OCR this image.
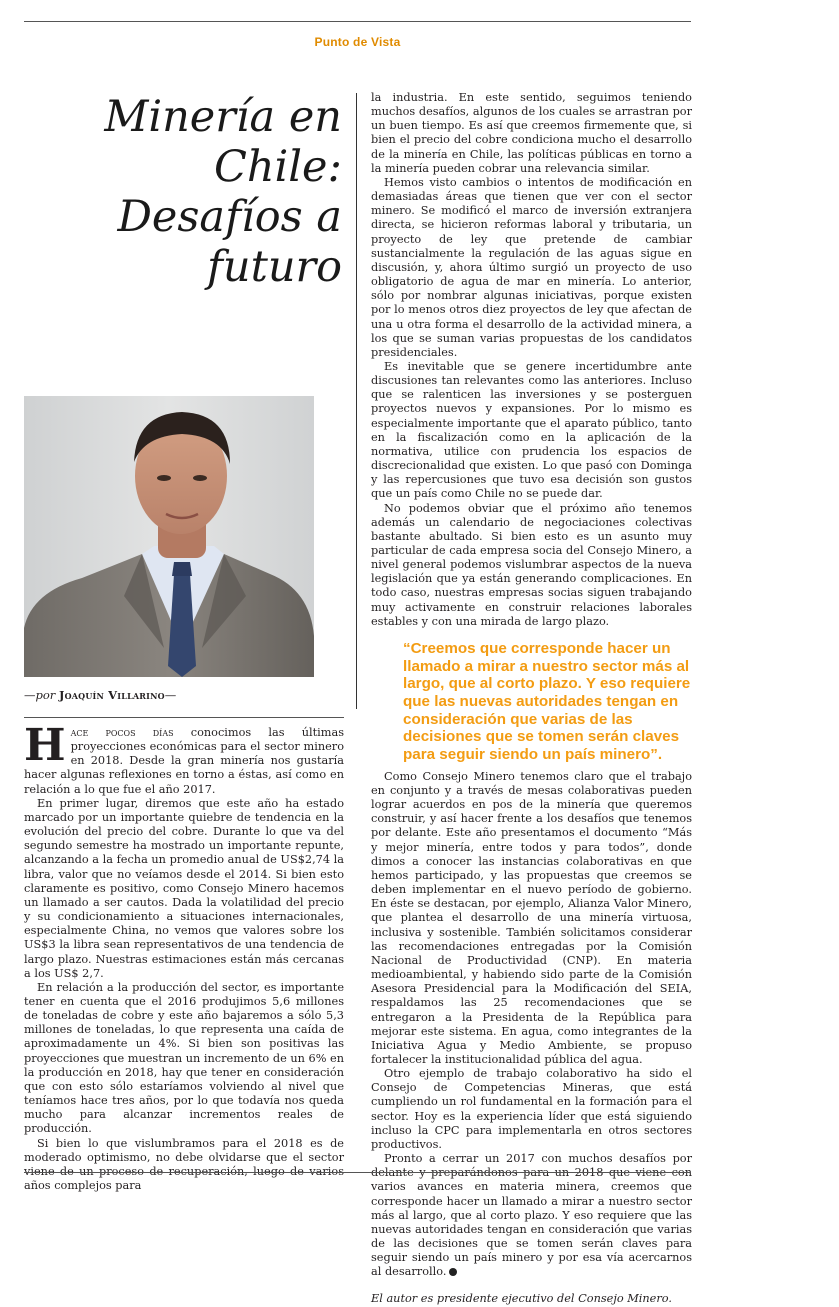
Punto de Vista
Minería en
Chile:
Desafíos a
futuro
—por Joaquín Villarino—

Hace pocos días conocimos las últimas proyecciones económicas para el sector minero en 2018. Desde la gran minería nos gustaría hacer algunas reflexiones en torno a éstas, así como en relación a lo que fue el año 2017.

En primer lugar, diremos que este año ha estado marcado por un importante quiebre de tendencia en la evolución del precio del cobre. Durante lo que va del segundo semestre ha mostrado un importante repunte, alcanzando a la fecha un promedio anual de US$2,74 la libra, valor que no veíamos desde el 2014. Si bien esto claramente es positivo, como Consejo Minero hacemos un llamado a ser cautos. Dada la volatilidad del precio y su condicionamiento a situaciones internacionales, especialmente China, no vemos que valores sobre los US$3 la libra sean representativos de una tendencia de largo plazo. Nuestras estimaciones están más cercanas a los US$ 2,7.

En relación a la producción del sector, es importante tener en cuenta que el 2016 produjimos 5,6 millones de toneladas de cobre y este año bajaremos a sólo 5,3 millones de toneladas, lo que representa una caída de aproximadamente un 4%. Si bien son positivas las proyecciones que muestran un incremento de un 6% en la producción en 2018, hay que tener en consideración que con esto sólo estaríamos volviendo al nivel que teníamos hace tres años, por lo que todavía nos queda mucho para alcanzar incrementos reales de producción.

Si bien lo que vislumbramos para el 2018 es de moderado optimismo, no debe olvidarse que el sector viene de un proceso de recuperación, luego de varios años complejos para

la industria. En este sentido, seguimos teniendo muchos desafíos, algunos de los cuales se arrastran por un buen tiempo. Es así que creemos firmemente que, si bien el precio del cobre condiciona mucho el desarrollo de la minería en Chile, las políticas públicas en torno a la minería pueden cobrar una relevancia similar.

Hemos visto cambios o intentos de modificación en demasiadas áreas que tienen que ver con el sector minero. Se modificó el marco de inversión extranjera directa, se hicieron reformas laboral y tributaria, un proyecto de ley que pretende de cambiar sustancialmente la regulación de las aguas sigue en discusión, y, ahora último surgió un proyecto de uso obligatorio de agua de mar en minería. Lo anterior, sólo por nombrar algunas iniciativas, porque existen por lo menos otros diez proyectos de ley que afectan de una u otra forma el desarrollo de la actividad minera, a los que se suman varias propuestas de los candidatos presidenciales.

Es inevitable que se genere incertidumbre ante discusiones tan relevantes como las anteriores. Incluso que se ralenticen las inversiones y se posterguen proyectos nuevos y expansiones. Por lo mismo es especialmente importante que el aparato público, tanto en la fiscalización como en la aplicación de la normativa, utilice con prudencia los espacios de discrecionalidad que existen. Lo que pasó con Dominga y las repercusiones que tuvo esa decisión son gustos que un país como Chile no se puede dar.

No podemos obviar que el próximo año tenemos además un calendario de negociaciones colectivas bastante abultado. Si bien esto es un asunto muy particular de cada empresa socia del Consejo Minero, a nivel general podemos vislumbrar aspectos de la nueva legislación que ya están generando complicaciones. En todo caso, nuestras empresas socias siguen trabajando muy activamente en construir relaciones laborales estables y con una mirada de largo plazo.

“Creemos que corresponde hacer un llamado a mirar a nuestro sector más al largo, que al corto plazo. Y eso requiere que las nuevas autoridades tengan en consideración que varias de las decisiones que se tomen serán claves para seguir siendo un país minero”.

Como Consejo Minero tenemos claro que el trabajo en conjunto y a través de mesas colaborativas pueden lograr acuerdos en pos de la minería que queremos construir, y así hacer frente a los desafíos que tenemos por delante. Este año presentamos el documento “Más y mejor minería, entre todos y para todos”, donde dimos a conocer las instancias colaborativas en que hemos participado, y las propuestas que creemos se deben implementar en el nuevo período de gobierno. En éste se destacan, por ejemplo, Alianza Valor Minero, que plantea el desarrollo de una minería virtuosa, inclusiva y sostenible. También solicitamos considerar las recomendaciones entregadas por la Comisión Nacional de Productividad (CNP). En materia medioambiental, y habiendo sido parte de la Comisión Asesora Presidencial para la Modificación del SEIA, respaldamos las 25 recomendaciones que se entregaron a la Presidenta de la República para mejorar este sistema. En agua, como integrantes de la Iniciativa Agua y Medio Ambiente, se propuso fortalecer la institucionalidad pública del agua.

Otro ejemplo de trabajo colaborativo ha sido el Consejo de Competencias Mineras, que está cumpliendo un rol fundamental en la formación para el sector. Hoy es la experiencia líder que está siguiendo incluso la CPC para implementarla en otros sectores productivos.

Pronto a cerrar un 2017 con muchos desafíos por delante y preparándonos para un 2018 que viene con varios avances en materia minera, creemos que corresponde hacer un llamado a mirar a nuestro sector más al largo, que al corto plazo. Y eso requiere que las nuevas autoridades tengan en consideración que varias de las decisiones que se tomen serán claves para seguir siendo un país minero y por esa vía acercarnos al desarrollo.

El autor es presidente ejecutivo del Consejo Minero.
